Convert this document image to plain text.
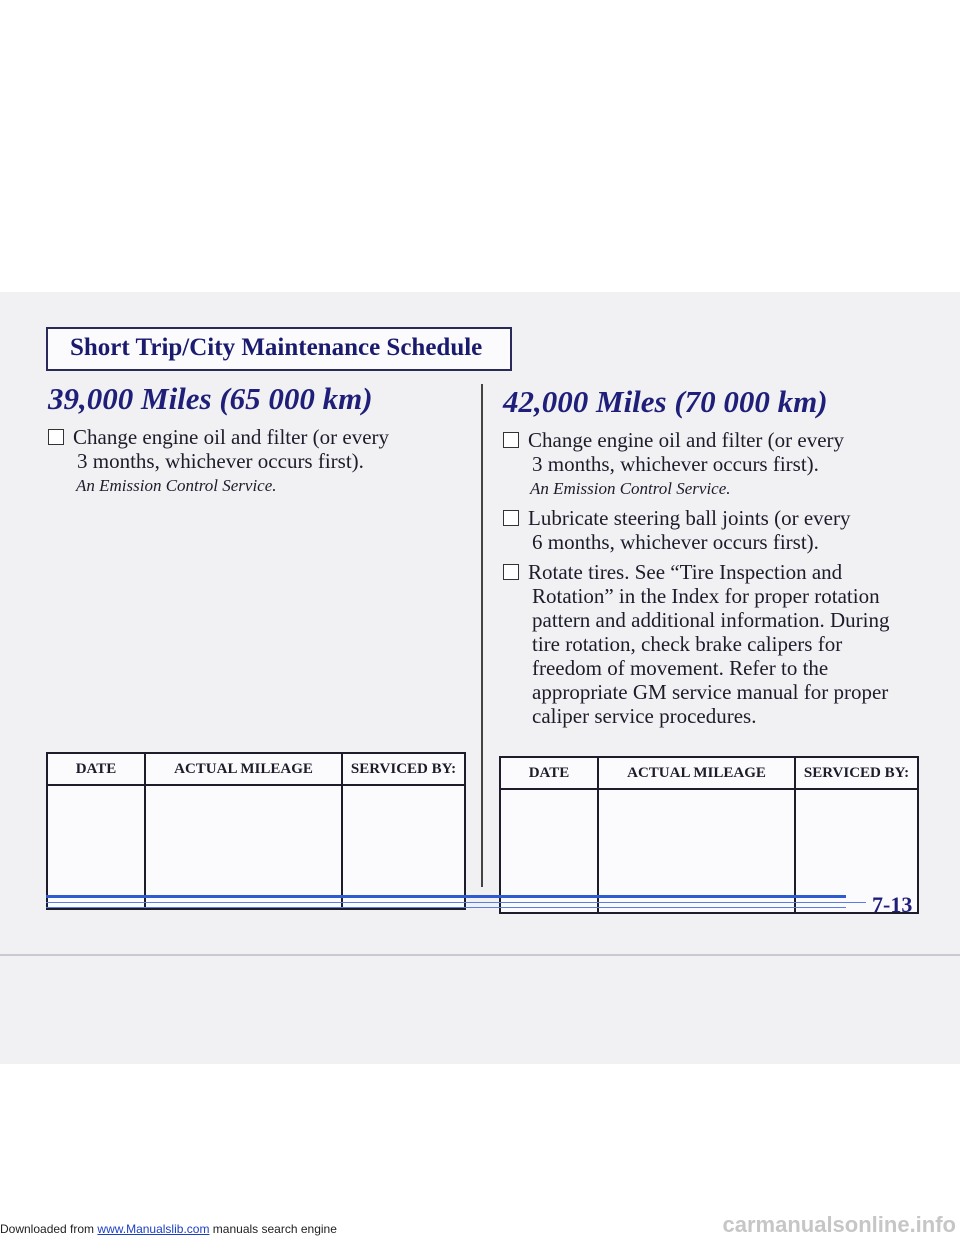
Short Trip/City Maintenance Schedule
39,000 Miles (65 000 km)
Change engine oil and filter (or every
3 months, whichever occurs first).
An Emission Control Service.
DATE	ACTUAL MILEAGE	SERVICED BY:

42,000 Miles (70 000 km)
Change engine oil and filter (or every
3 months, whichever occurs first).
An Emission Control Service.
Lubricate steering ball joints (or every
6 months, whichever occurs first).
Rotate tires. See “Tire Inspection and
Rotation” in the Index for proper rotation
pattern and additional information. During
tire rotation, check brake calipers for
freedom of movement. Refer to the
appropriate GM service manual for proper
caliper service procedures.
DATE	ACTUAL MILEAGE	SERVICED BY:

7-13
Downloaded from www.Manualslib.com manuals search engine	carmanualsonline.info
